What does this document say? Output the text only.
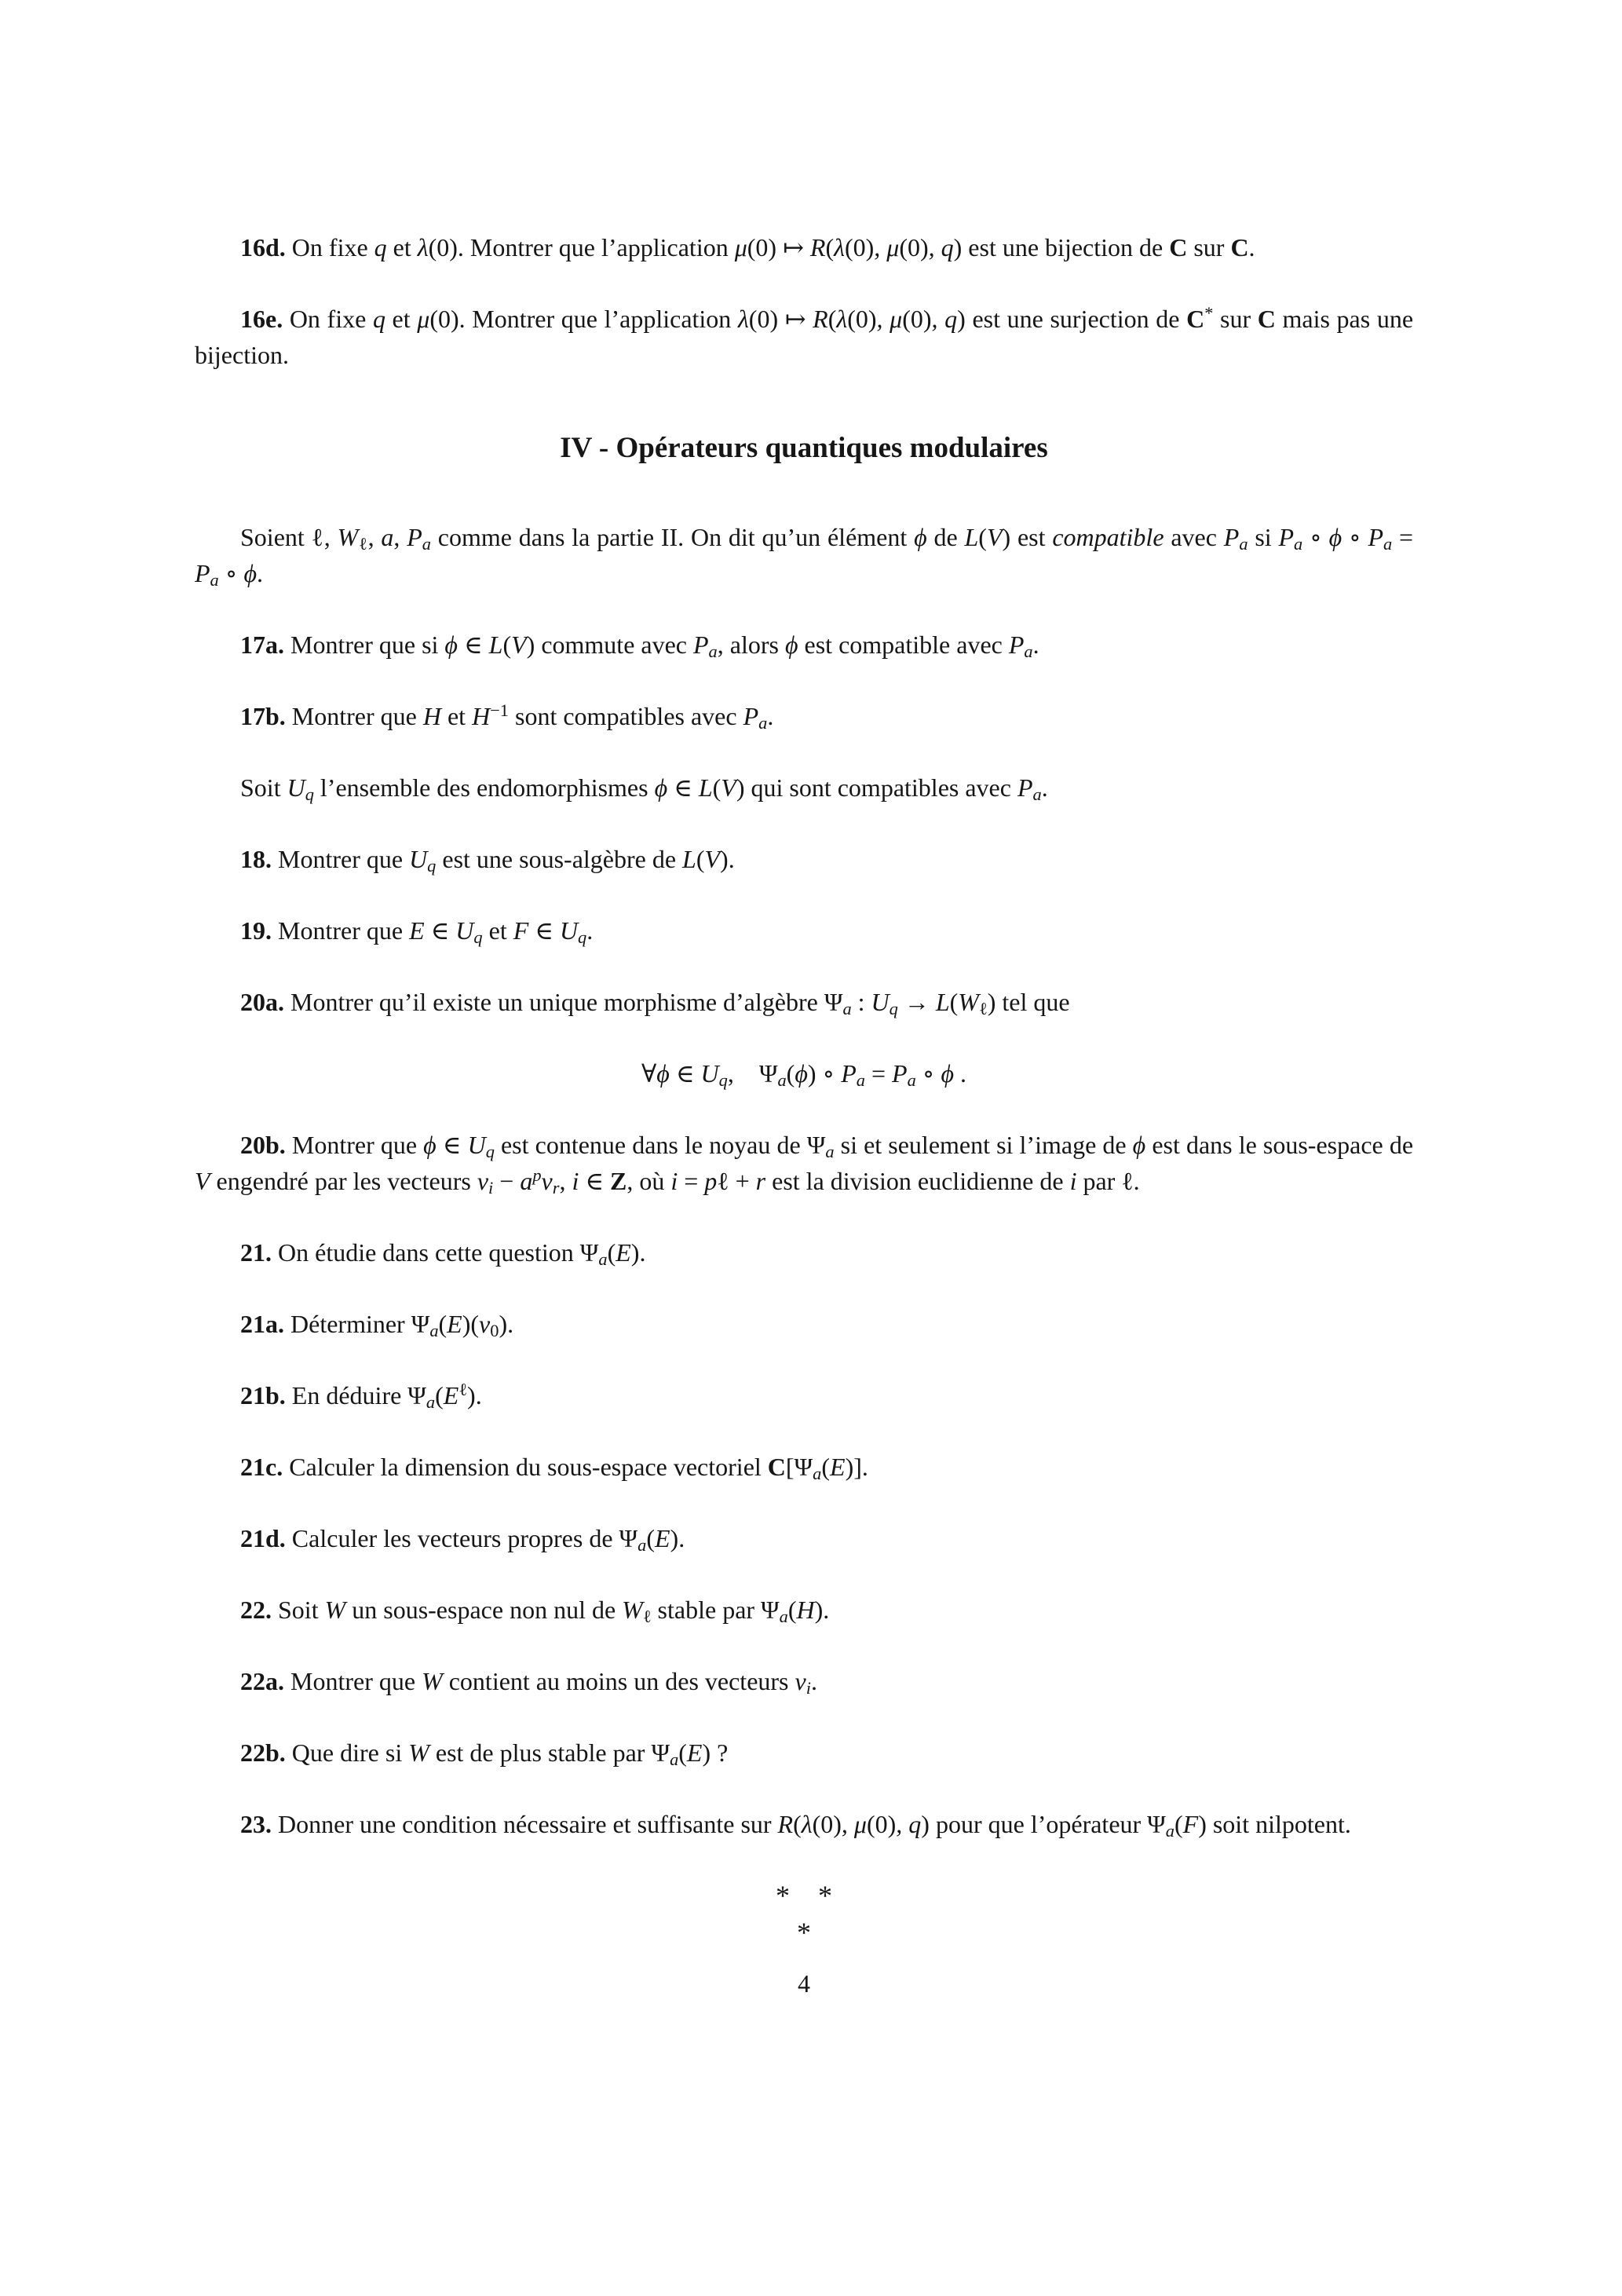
16d. On fixe q et λ(0). Montrer que l’application μ(0) ↦ R(λ(0), μ(0), q) est une bijection de C sur C.

16e. On fixe q et μ(0). Montrer que l’application λ(0) ↦ R(λ(0), μ(0), q) est une surjection de C* sur C mais pas une bijection.

IV - Opérateurs quantiques modulaires

Soient ℓ, $W_\ell$, a, $P_a$ comme dans la partie II. On dit qu’un élément ϕ de L(V) est compatible avec $P_a$ si $P_a$ ∘ ϕ ∘ $P_a = P_a$ ∘ ϕ.

17a. Montrer que si ϕ ∈ L(V) commute avec $P_a$, alors ϕ est compatible avec $P_a$.

17b. Montrer que H et $H^{-1}$ sont compatibles avec $P_a$.

Soit $U_q$ l’ensemble des endomorphismes ϕ ∈ L(V) qui sont compatibles avec $P_a$.

18. Montrer que $U_q$ est une sous-algèbre de L(V).

19. Montrer que E ∈ $U_q$ et F ∈ $U_q$.

20a. Montrer qu’il existe un unique morphisme d’algèbre $\Psi_a$ : $U_q \to L(W_\ell)$ tel que

∀ϕ ∈ $U_q$, $\Psi_a(\phi)$ ∘ $P_a = P_a$ ∘ ϕ .

20b. Montrer que ϕ ∈ $U_q$ est contenue dans le noyau de $\Psi_a$ si et seulement si l’image de ϕ est dans le sous-espace de V engendré par les vecteurs $v_i - a^pv_r$, i ∈ Z, où i = pℓ + r est la division euclidienne de i par ℓ.

21. On étudie dans cette question $\Psi_a(E)$.

21a. Déterminer $\Psi_a(E)(v_0)$.

21b. En déduire $\Psi_a(E^\ell)$.

21c. Calculer la dimension du sous-espace vectoriel $C[\Psi_a(E)]$.

21d. Calculer les vecteurs propres de $\Psi_a(E)$.

22. Soit W un sous-espace non nul de $W_\ell$ stable par $\Psi_a(H)$.

22a. Montrer que W contient au moins un des vecteurs $v_i$.

22b. Que dire si W est de plus stable par $\Psi_a(E)$ ?

23. Donner une condition nécessaire et suffisante sur R(λ(0), μ(0), q) pour que l’opérateur $\Psi_a(F)$ soit nilpotent.

* *
*
4
